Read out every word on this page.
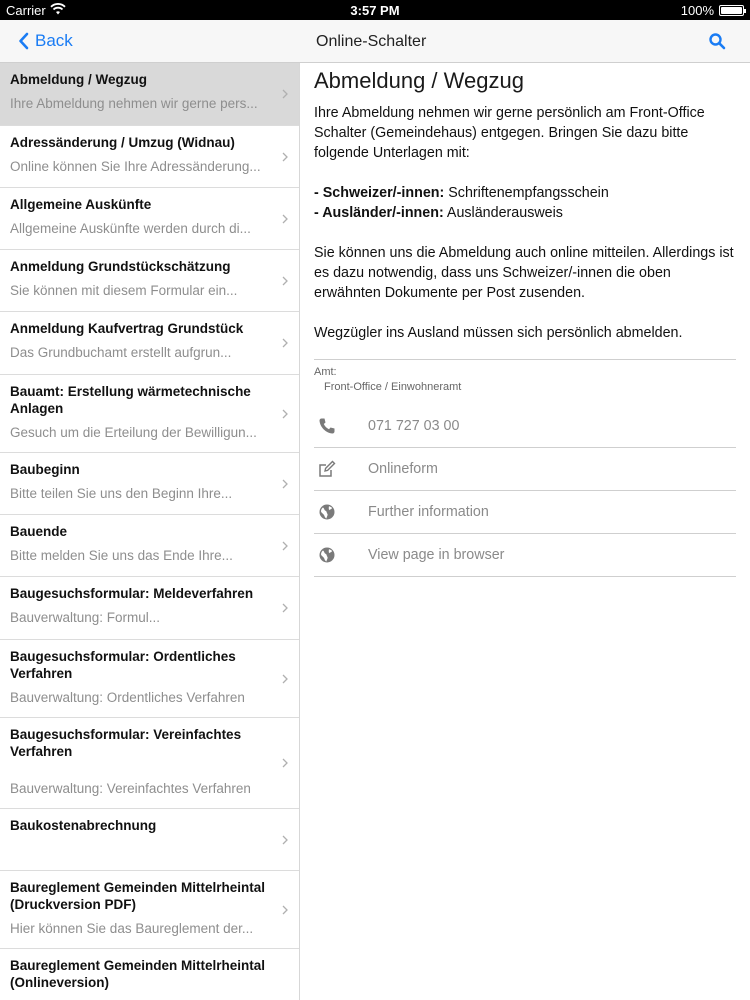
Carrier	3:57 PM	100%
Back	Online-Schalter
Abmeldung / Wegzug
Ihre Abmeldung nehmen wir gerne pers...
Adressänderung / Umzug (Widnau)
Online können Sie Ihre Adressänderung...
Allgemeine Auskünfte
Allgemeine Auskünfte werden durch di...
Anmeldung Grundstückschätzung
Sie können mit diesem Formular ein...
Anmeldung Kaufvertrag Grundstück
Das Grundbuchamt erstellt aufgrun...
Bauamt: Erstellung wärmetechnische Anlagen
Gesuch um die Erteilung der Bewilligun...
Baubeginn
Bitte teilen Sie uns den Beginn Ihre...
Bauende
Bitte melden Sie uns das Ende Ihre...
Baugesuchsformular: Meldeverfahren
Bauverwaltung: Formul...
Baugesuchsformular: Ordentliches Verfahren
Bauverwaltung: Ordentliches Verfahren
Baugesuchsformular: Vereinfachtes Verfahren
Bauverwaltung: Vereinfachtes Verfahren
Baukostenabrechnung
Baureglement Gemeinden Mittelrheintal (Druckversion PDF)
Hier können Sie das Baureglement der...
Baureglement Gemeinden Mittelrheintal (Onlineversion)
Abmeldung / Wegzug

Ihre Abmeldung nehmen wir gerne persönlich am Front-Office Schalter (Gemeindehaus) entgegen. Bringen Sie dazu bitte folgende Unterlagen mit:

- Schweizer/-innen: Schriftenempfangsschein
- Ausländer/-innen: Ausländerausweis

Sie können uns die Abmeldung auch online mitteilen. Allerdings ist es dazu notwendig, dass uns Schweizer/-innen die oben erwähnten Dokumente per Post zusenden.

Wegzügler ins Ausland müssen sich persönlich abmelden.

Amt:
Front-Office / Einwohneramt
071 727 03 00
Onlineform
Further information
View page in browser
